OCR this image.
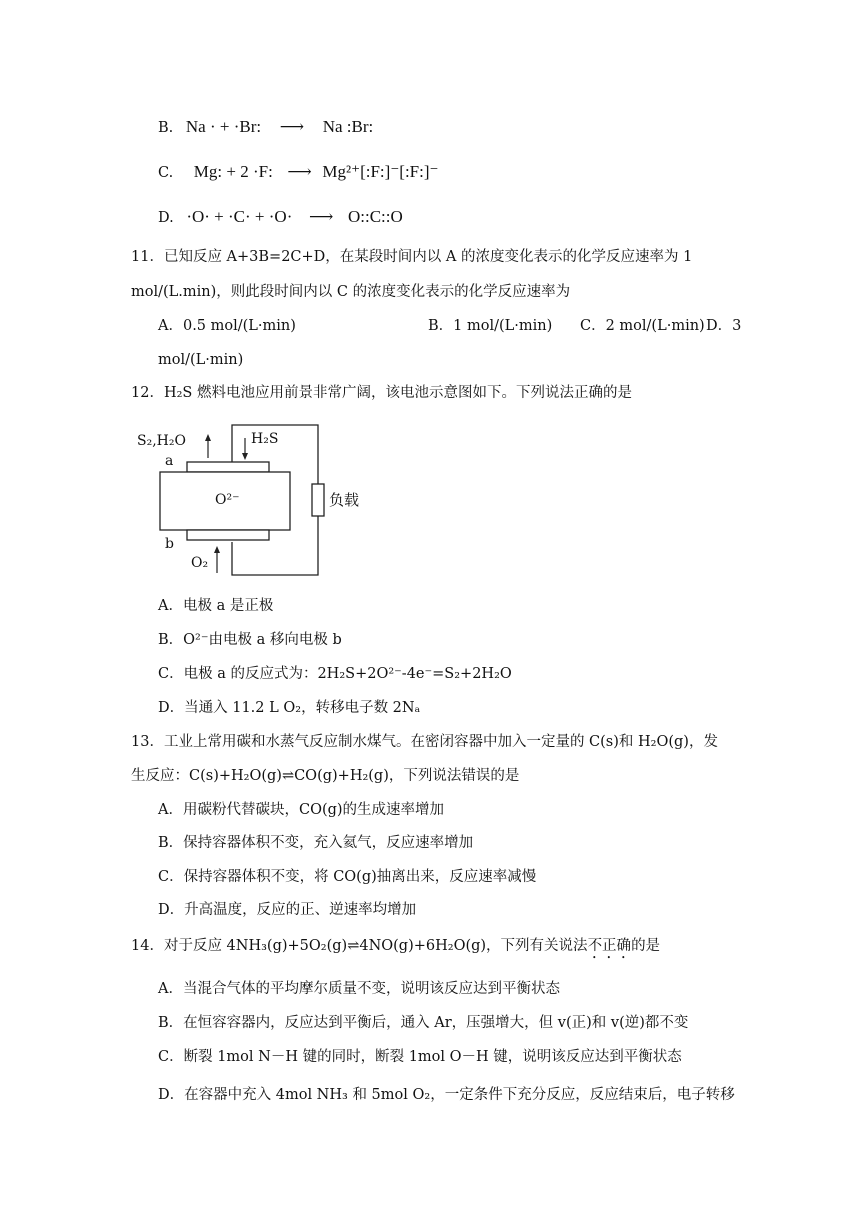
B. Na · + ·Br: ⟶ Na :Br:
C. Mg: + 2 ·F: ⟶ Mg²⁺[:F:]⁻[:F:]⁻
D. ·O· + ·C· + ·O· ⟶ O::C::O
11．已知反应 A+3B=2C+D，在某段时间内以 A 的浓度变化表示的化学反应速率为 1
mol/(L.min)，则此段时间内以 C 的浓度变化表示的化学反应速率为
A．0.5 mol/(L·min)	B．1 mol/(L·min) C．2 mol/(L·min) D．3
mol/(L·min)
12．H₂S 燃料电池应用前景非常广阔，该电池示意图如下。下列说法正确的是
S₂,H₂O	H₂S
a
O²⁻
b
O₂
负载
A．电极 a 是正极
B．O²⁻由电极 a 移向电极 b
C．电极 a 的反应式为：2H₂S+2O²⁻-4e⁻=S₂+2H₂O
D．当通入 11.2 L O₂，转移电子数 2Nₐ
13．工业上常用碳和水蒸气反应制水煤气。在密闭容器中加入一定量的 C(s)和 H₂O(g)，发
生反应：C(s)+H₂O(g)⇌CO(g)+H₂(g)，下列说法错误的是
A．用碳粉代替碳块，CO(g)的生成速率增加
B．保持容器体积不变，充入氦气，反应速率增加
C．保持容器体积不变，将 CO(g)抽离出来，反应速率减慢
D．升高温度，反应的正、逆速率均增加
14．对于反应 4NH₃(g)+5O₂(g)⇌4NO(g)+6H₂O(g)，下列有关说法不正确的是
A．当混合气体的平均摩尔质量不变，说明该反应达到平衡状态
B．在恒容容器内，反应达到平衡后，通入 Ar，压强增大，但 v(正)和 v(逆)都不变
C．断裂 1mol N－H 键的同时，断裂 1mol O－H 键，说明该反应达到平衡状态
D．在容器中充入 4mol NH₃ 和 5mol O₂，一定条件下充分反应，反应结束后，电子转移
